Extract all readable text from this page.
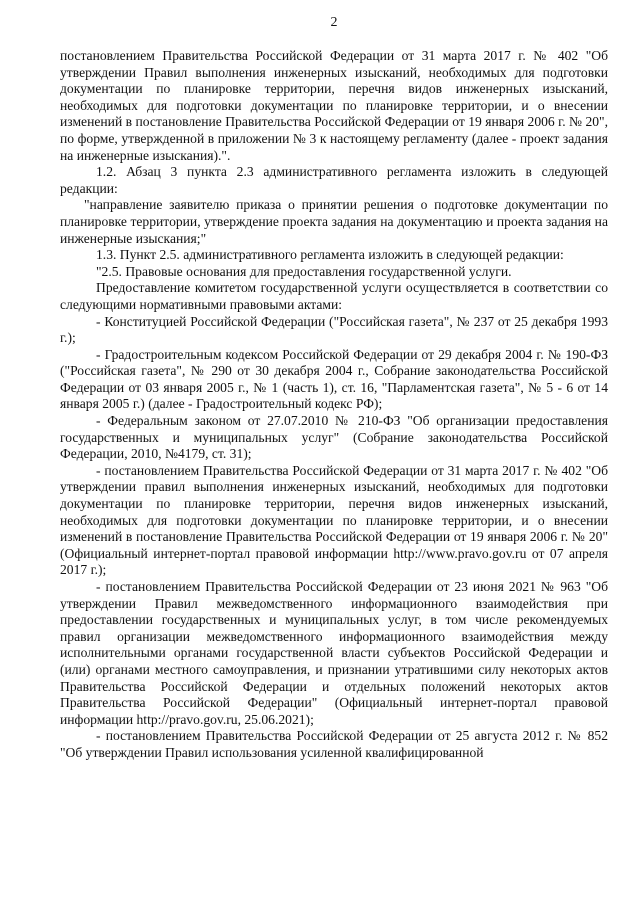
2

постановлением Правительства Российской Федерации от 31 марта 2017 г. № 402 "Об утверждении Правил выполнения инженерных изысканий, необходимых для подготовки документации по планировке территории, перечня видов инженерных изысканий, необходимых для подготовки документации по планировке территории, и о внесении изменений в постановление Правительства Российской Федерации от 19 января 2006 г. № 20", по форме, утвержденной в приложении № 3 к настоящему регламенту (далее - проект задания на инженерные изыскания).".

1.2. Абзац 3 пункта 2.3 административного регламента изложить в следующей редакции:

"направление заявителю приказа о принятии решения о подготовке документации по планировке территории, утверждение проекта задания на документацию и проекта задания на инженерные изыскания;"

1.3. Пункт 2.5. административного регламента изложить в следующей редакции:

"2.5. Правовые основания для предоставления государственной услуги.

Предоставление комитетом государственной услуги осуществляется в соответствии со следующими нормативными правовыми актами:

- Конституцией Российской Федерации ("Российская газета", № 237 от 25 декабря 1993 г.);

- Градостроительным кодексом Российской Федерации от 29 декабря 2004 г. № 190-ФЗ ("Российская газета", № 290 от 30 декабря 2004 г., Собрание законодательства Российской Федерации от 03 января 2005 г., № 1 (часть 1), ст. 16, "Парламентская газета", № 5 - 6 от 14 января 2005 г.) (далее - Градостроительный кодекс РФ);

- Федеральным законом от 27.07.2010 № 210-ФЗ "Об организации предоставления государственных и муниципальных услуг" (Собрание законодательства Российской Федерации, 2010, №4179, ст. 31);

- постановлением Правительства Российской Федерации от 31 марта 2017 г. № 402 "Об утверждении правил выполнения инженерных изысканий, необходимых для подготовки документации по планировке территории, перечня видов инженерных изысканий, необходимых для подготовки документации по планировке территории, и о внесении изменений в постановление Правительства Российской Федерации от 19 января 2006 г. № 20" (Официальный интернет-портал правовой информации http://www.pravo.gov.ru от 07 апреля 2017 г.);

- постановлением Правительства Российской Федерации от 23 июня 2021 № 963 "Об утверждении Правил межведомственного информационного взаимодействия при предоставлении государственных и муниципальных услуг, в том числе рекомендуемых правил организации межведомственного информационного взаимодействия между исполнительными органами государственной власти субъектов Российской Федерации и (или) органами местного самоуправления, и признании утратившими силу некоторых актов Правительства Российской Федерации и отдельных положений некоторых актов Правительства Российской Федерации" (Официальный интернет-портал правовой информации http://pravo.gov.ru, 25.06.2021);

- постановлением Правительства Российской Федерации от 25 августа 2012 г. № 852 "Об утверждении Правил использования усиленной квалифицированной
